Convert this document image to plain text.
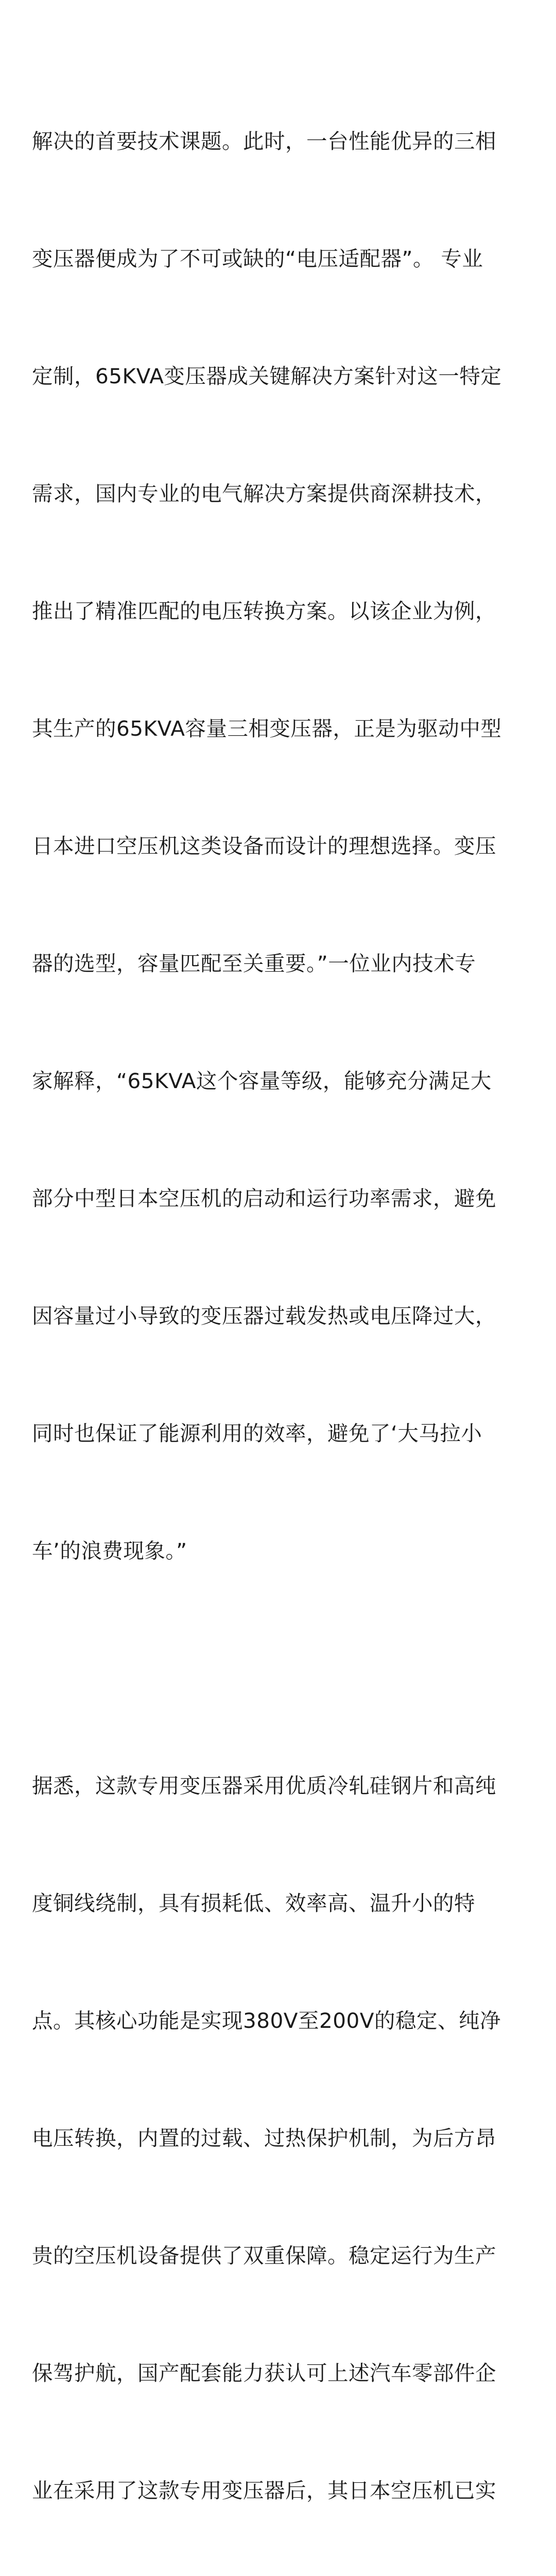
解决的首要技术课题。此时，一台性能优异的三相

变压器便成为了不可或缺的“电压适配器”。 专业

定制，65KVA变压器成关键解决方案针对这一特定

需求，国内专业的电气解决方案提供商深耕技术，

推出了精准匹配的电压转换方案。以该企业为例，

其生产的65KVA容量三相变压器，正是为驱动中型

日本进口空压机这类设备而设计的理想选择。变压

器的选型，容量匹配至关重要。”一位业内技术专

家解释，“65KVA这个容量等级，能够充分满足大

部分中型日本空压机的启动和运行功率需求，避免

因容量过小导致的变压器过载发热或电压降过大，

同时也保证了能源利用的效率，避免了‘大马拉小

车’的浪费现象。”

据悉，这款专用变压器采用优质冷轧硅钢片和高纯

度铜线绕制，具有损耗低、效率高、温升小的特

点。其核心功能是实现380V至200V的稳定、纯净

电压转换，内置的过载、过热保护机制，为后方昂

贵的空压机设备提供了双重保障。稳定运行为生产

保驾护航，国产配套能力获认可上述汽车零部件企

业在采用了这款专用变压器后，其日本空压机已实
